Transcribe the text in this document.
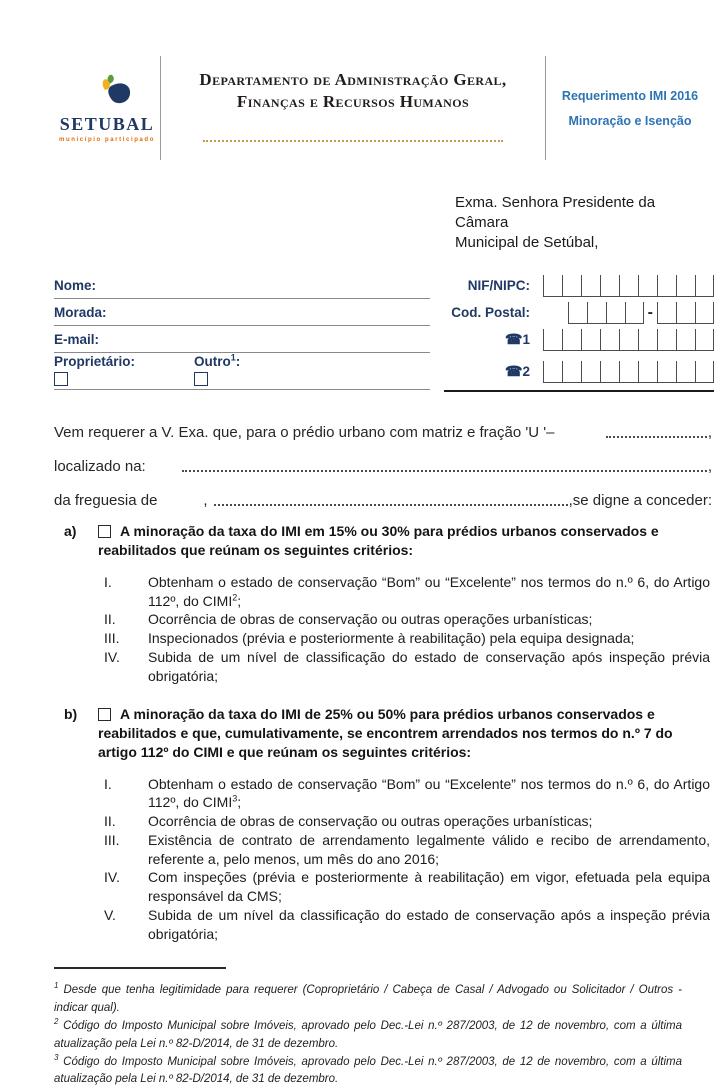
SETUBAL
município participado
Departamento de Administração Geral,
Finanças e Recursos Humanos	Requerimento IMI 2016
Minoração e Isenção
Exma. Senhora Presidente da Câmara
Municipal de Setúbal,
Nome:
Morada:
E-mail:
Proprietário:	Outro$^1$:
NIF/NIPC:
Cod. Postal:	-
☎1
☎2
Vem requerer a V. Exa. que, para o prédio urbano com matriz e fração 'U '–	,
localizado na:	,
da freguesia de	,	,se digne a conceder:
a)	A minoração da taxa do IMI em 15% ou 30% para prédios urbanos conservados e reabilitados que reúnam os seguintes critérios:
I.	Obtenham o estado de conservação “Bom” ou “Excelente” nos termos do n.º 6, do Artigo 112º, do CIMI$^2$;
II.	Ocorrência de obras de conservação ou outras operações urbanísticas;
III.	Inspecionados (prévia e posteriormente à reabilitação) pela equipa designada;
IV.	Subida de um nível de classificação do estado de conservação após inspeção prévia obrigatória;
b)	A minoração da taxa do IMI de 25% ou 50% para prédios urbanos conservados e reabilitados e que, cumulativamente, se encontrem arrendados nos termos do n.º 7 do artigo 112º do CIMI e que reúnam os seguintes critérios:
I.	Obtenham o estado de conservação “Bom” ou “Excelente” nos termos do n.º 6, do Artigo 112º, do CIMI$^3$;
II.	Ocorrência de obras de conservação ou outras operações urbanísticas;
III.	Existência de contrato de arrendamento legalmente válido e recibo de arrendamento, referente a, pelo menos, um mês do ano 2016;
IV.	Com inspeções (prévia e posteriormente à reabilitação) em vigor, efetuada pela equipa responsável da CMS;
V.	Subida de um nível da classificação do estado de conservação após a inspeção prévia obrigatória;
$^1$ Desde que tenha legitimidade para requerer (Coproprietário / Cabeça de Casal / Advogado ou Solicitador / Outros - indicar qual).
$^2$ Código do Imposto Municipal sobre Imóveis, aprovado pelo Dec.-Lei n.º 287/2003, de 12 de novembro, com a última atualização pela Lei n.º 82-D/2014, de 31 de dezembro.
$^3$ Código do Imposto Municipal sobre Imóveis, aprovado pelo Dec.-Lei n.º 287/2003, de 12 de novembro, com a última atualização pela Lei n.º 82-D/2014, de 31 de dezembro.
